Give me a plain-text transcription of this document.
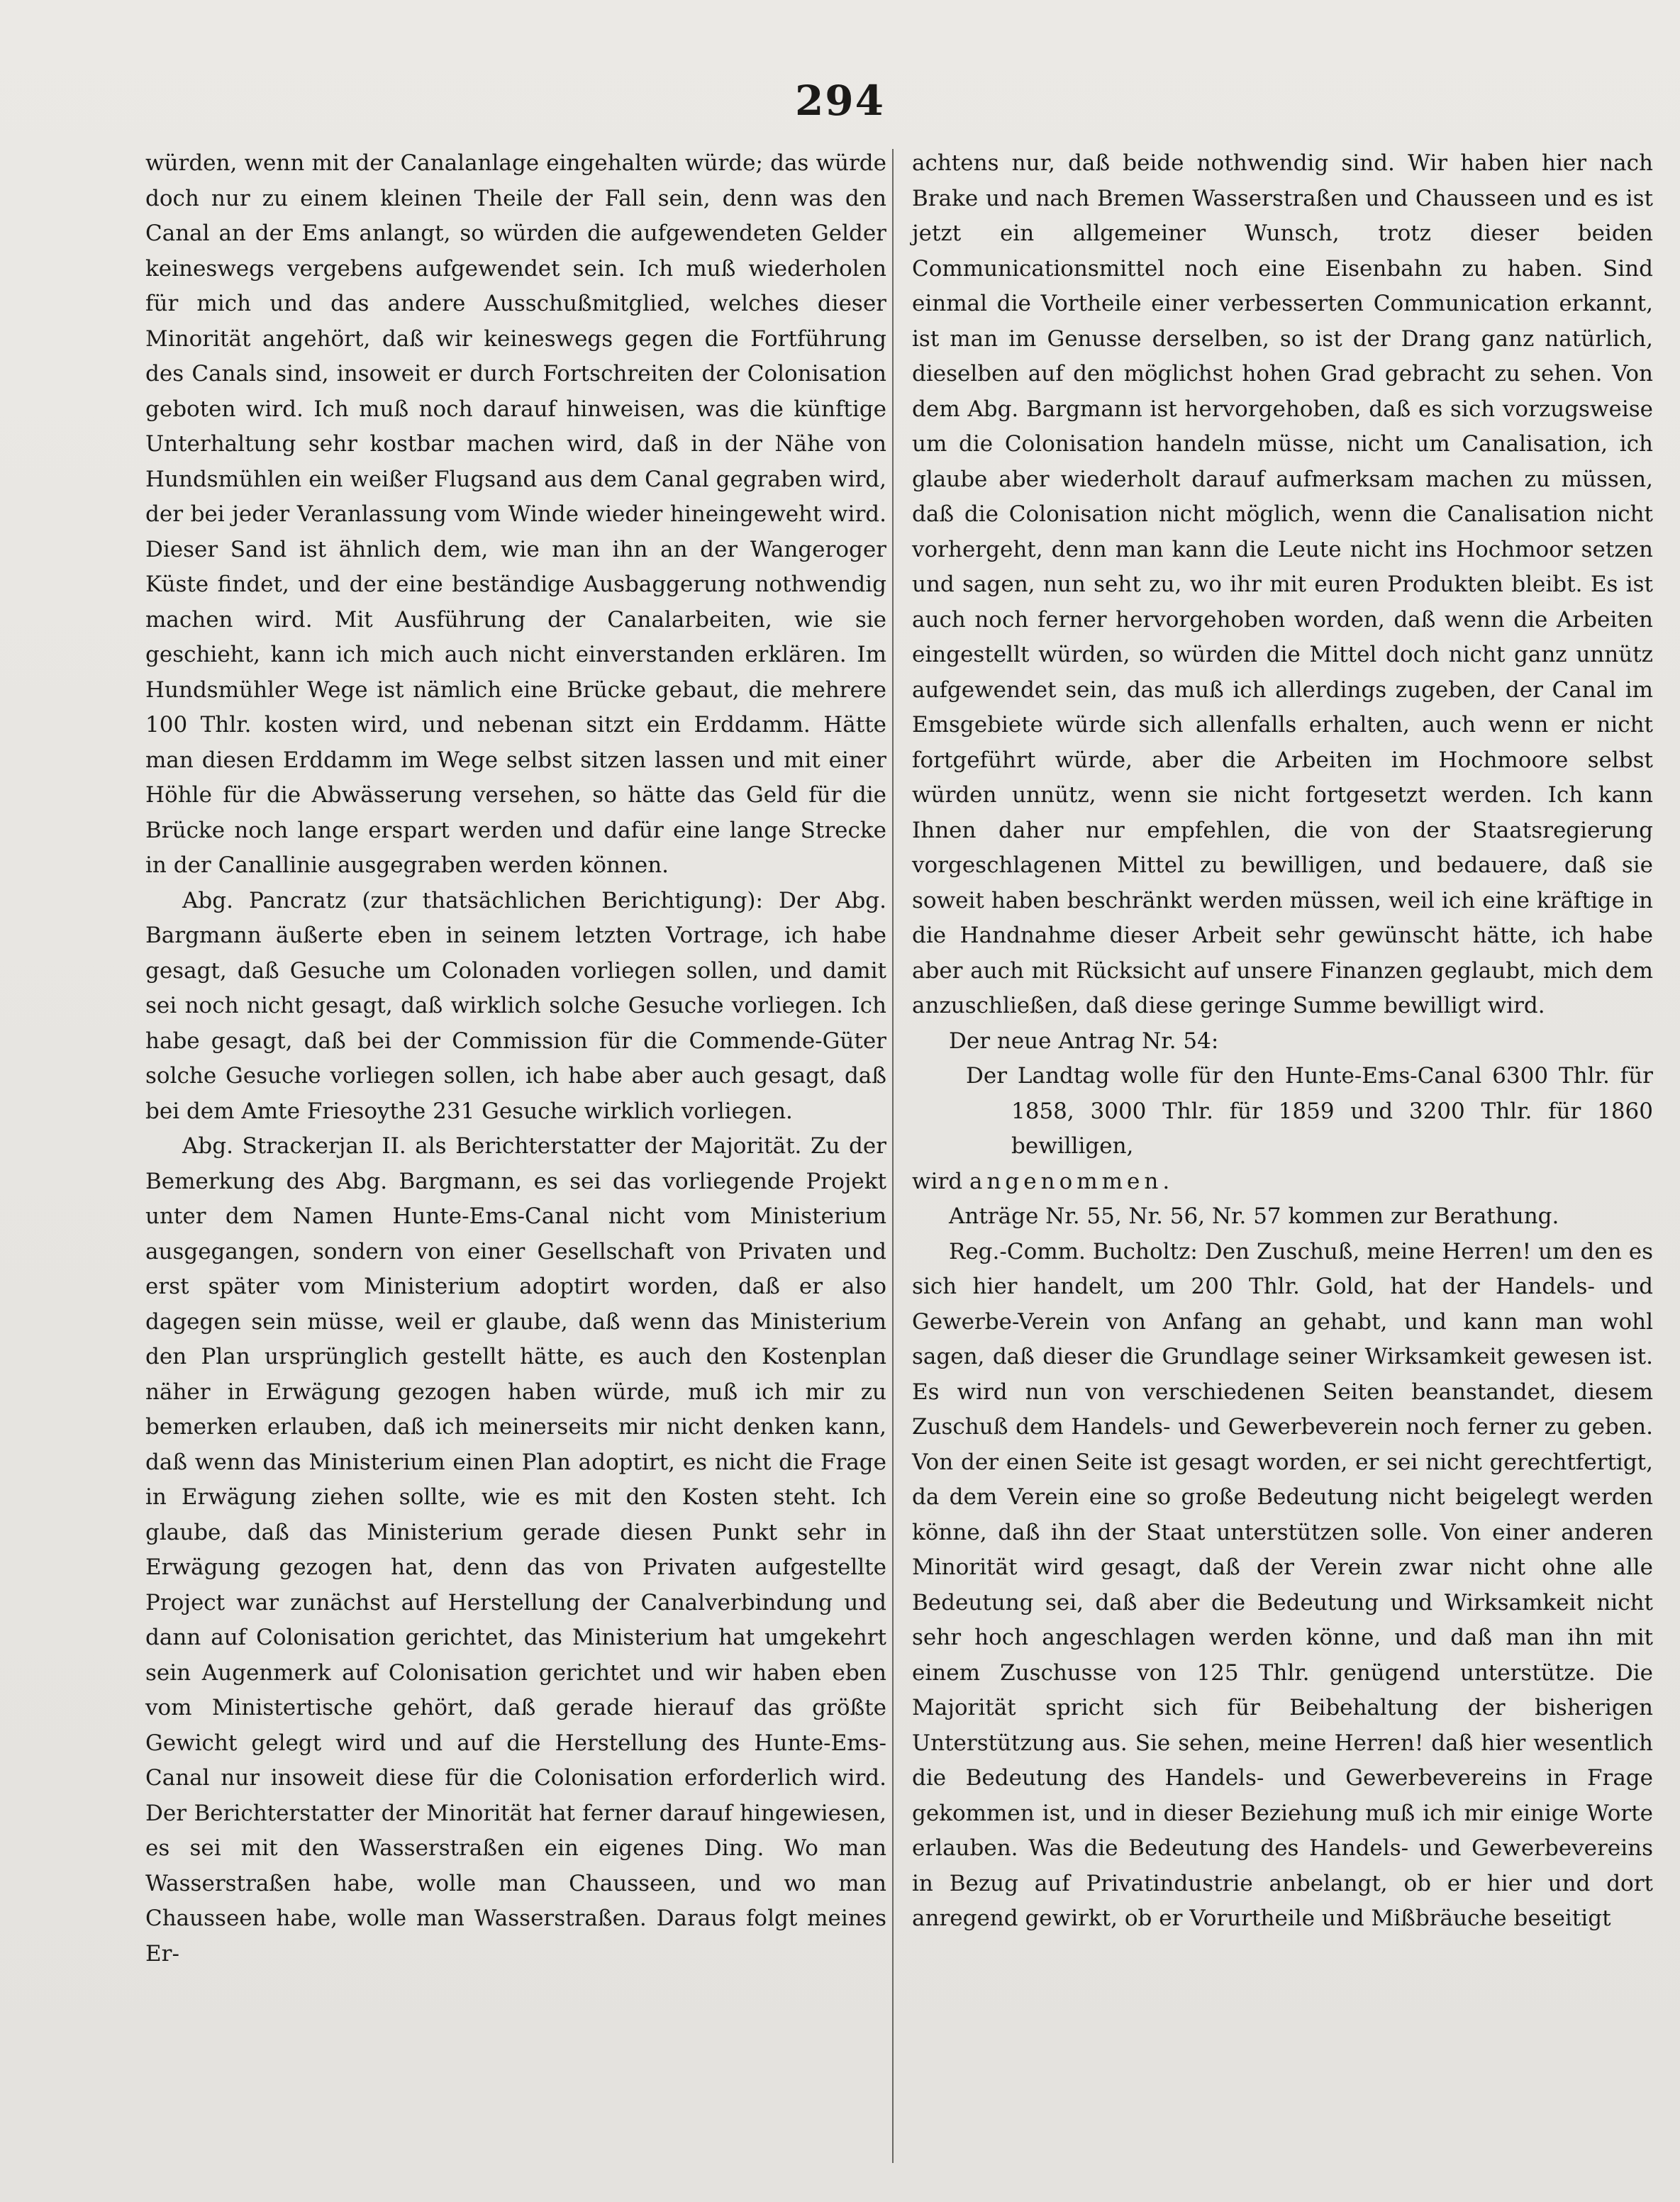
294

würden, wenn mit der Canalanlage eingehalten würde; das würde doch nur zu einem kleinen Theile der Fall sein, denn was den Canal an der Ems anlangt, so würden die aufgewendeten Gelder keineswegs vergebens aufgewendet sein. Ich muß wiederholen für mich und das andere Ausschußmitglied, welches dieser Minorität angehört, daß wir keineswegs gegen die Fortführung des Canals sind, insoweit er durch Fortschreiten der Colonisation geboten wird. Ich muß noch darauf hinweisen, was die künftige Unterhaltung sehr kostbar machen wird, daß in der Nähe von Hundsmühlen ein weißer Flugsand aus dem Canal gegraben wird, der bei jeder Veranlassung vom Winde wieder hineingeweht wird. Dieser Sand ist ähnlich dem, wie man ihn an der Wangeroger Küste findet, und der eine beständige Ausbaggerung nothwendig machen wird. Mit Ausführung der Canalarbeiten, wie sie geschieht, kann ich mich auch nicht einverstanden erklären. Im Hundsmühler Wege ist nämlich eine Brücke gebaut, die mehrere 100 Thlr. kosten wird, und nebenan sitzt ein Erddamm. Hätte man diesen Erddamm im Wege selbst sitzen lassen und mit einer Höhle für die Abwässerung versehen, so hätte das Geld für die Brücke noch lange erspart werden und dafür eine lange Strecke in der Canallinie ausgegraben werden können.

Abg. Pancratz (zur thatsächlichen Berichtigung): Der Abg. Bargmann äußerte eben in seinem letzten Vortrage, ich habe gesagt, daß Gesuche um Colonaden vorliegen sollen, und damit sei noch nicht gesagt, daß wirklich solche Gesuche vorliegen. Ich habe gesagt, daß bei der Commission für die Commende-Güter solche Gesuche vorliegen sollen, ich habe aber auch gesagt, daß bei dem Amte Friesoythe 231 Gesuche wirklich vorliegen.

Abg. Strackerjan II. als Berichterstatter der Majorität. Zu der Bemerkung des Abg. Bargmann, es sei das vorliegende Projekt unter dem Namen Hunte-Ems-Canal nicht vom Ministerium ausgegangen, sondern von einer Gesellschaft von Privaten und erst später vom Ministerium adoptirt worden, daß er also dagegen sein müsse, weil er glaube, daß wenn das Ministerium den Plan ursprünglich gestellt hätte, es auch den Kostenplan näher in Erwägung gezogen haben würde, muß ich mir zu bemerken erlauben, daß ich meinerseits mir nicht denken kann, daß wenn das Ministerium einen Plan adoptirt, es nicht die Frage in Erwägung ziehen sollte, wie es mit den Kosten steht. Ich glaube, daß das Ministerium gerade diesen Punkt sehr in Erwägung gezogen hat, denn das von Privaten aufgestellte Project war zunächst auf Herstellung der Canalverbindung und dann auf Colonisation gerichtet, das Ministerium hat umgekehrt sein Augenmerk auf Colonisation gerichtet und wir haben eben vom Ministertische gehört, daß gerade hierauf das größte Gewicht gelegt wird und auf die Herstellung des Hunte-Ems-Canal nur insoweit diese für die Colonisation erforderlich wird. Der Berichterstatter der Minorität hat ferner darauf hingewiesen, es sei mit den Wasserstraßen ein eigenes Ding. Wo man Wasserstraßen habe, wolle man Chausseen, und wo man Chausseen habe, wolle man Wasserstraßen. Daraus folgt meines Er-

achtens nur, daß beide nothwendig sind. Wir haben hier nach Brake und nach Bremen Wasserstraßen und Chausseen und es ist jetzt ein allgemeiner Wunsch, trotz dieser beiden Communicationsmittel noch eine Eisenbahn zu haben. Sind einmal die Vortheile einer verbesserten Communication erkannt, ist man im Genusse derselben, so ist der Drang ganz natürlich, dieselben auf den möglichst hohen Grad gebracht zu sehen. Von dem Abg. Bargmann ist hervorgehoben, daß es sich vorzugsweise um die Colonisation handeln müsse, nicht um Canalisation, ich glaube aber wiederholt darauf aufmerksam machen zu müssen, daß die Colonisation nicht möglich, wenn die Canalisation nicht vorhergeht, denn man kann die Leute nicht ins Hochmoor setzen und sagen, nun seht zu, wo ihr mit euren Produkten bleibt. Es ist auch noch ferner hervorgehoben worden, daß wenn die Arbeiten eingestellt würden, so würden die Mittel doch nicht ganz unnütz aufgewendet sein, das muß ich allerdings zugeben, der Canal im Emsgebiete würde sich allenfalls erhalten, auch wenn er nicht fortgeführt würde, aber die Arbeiten im Hochmoore selbst würden unnütz, wenn sie nicht fortgesetzt werden. Ich kann Ihnen daher nur empfehlen, die von der Staatsregierung vorgeschlagenen Mittel zu bewilligen, und bedauere, daß sie soweit haben beschränkt werden müssen, weil ich eine kräftige in die Handnahme dieser Arbeit sehr gewünscht hätte, ich habe aber auch mit Rücksicht auf unsere Finanzen geglaubt, mich dem anzuschließen, daß diese geringe Summe bewilligt wird.

Der neue Antrag Nr. 54:

Der Landtag wolle für den Hunte-Ems-Canal 6300 Thlr. für 1858, 3000 Thlr. für 1859 und 3200 Thlr. für 1860 bewilligen,

wird angenommen.

Anträge Nr. 55, Nr. 56, Nr. 57 kommen zur Berathung.

Reg.-Comm. Bucholtz: Den Zuschuß, meine Herren! um den es sich hier handelt, um 200 Thlr. Gold, hat der Handels- und Gewerbe-Verein von Anfang an gehabt, und kann man wohl sagen, daß dieser die Grundlage seiner Wirksamkeit gewesen ist. Es wird nun von verschiedenen Seiten beanstandet, diesem Zuschuß dem Handels- und Gewerbeverein noch ferner zu geben. Von der einen Seite ist gesagt worden, er sei nicht gerechtfertigt, da dem Verein eine so große Bedeutung nicht beigelegt werden könne, daß ihn der Staat unterstützen solle. Von einer anderen Minorität wird gesagt, daß der Verein zwar nicht ohne alle Bedeutung sei, daß aber die Bedeutung und Wirksamkeit nicht sehr hoch angeschlagen werden könne, und daß man ihn mit einem Zuschusse von 125 Thlr. genügend unterstütze. Die Majorität spricht sich für Beibehaltung der bisherigen Unterstützung aus. Sie sehen, meine Herren! daß hier wesentlich die Bedeutung des Handels- und Gewerbevereins in Frage gekommen ist, und in dieser Beziehung muß ich mir einige Worte erlauben. Was die Bedeutung des Handels- und Gewerbevereins in Bezug auf Privatindustrie anbelangt, ob er hier und dort anregend gewirkt, ob er Vorurtheile und Mißbräuche beseitigt
